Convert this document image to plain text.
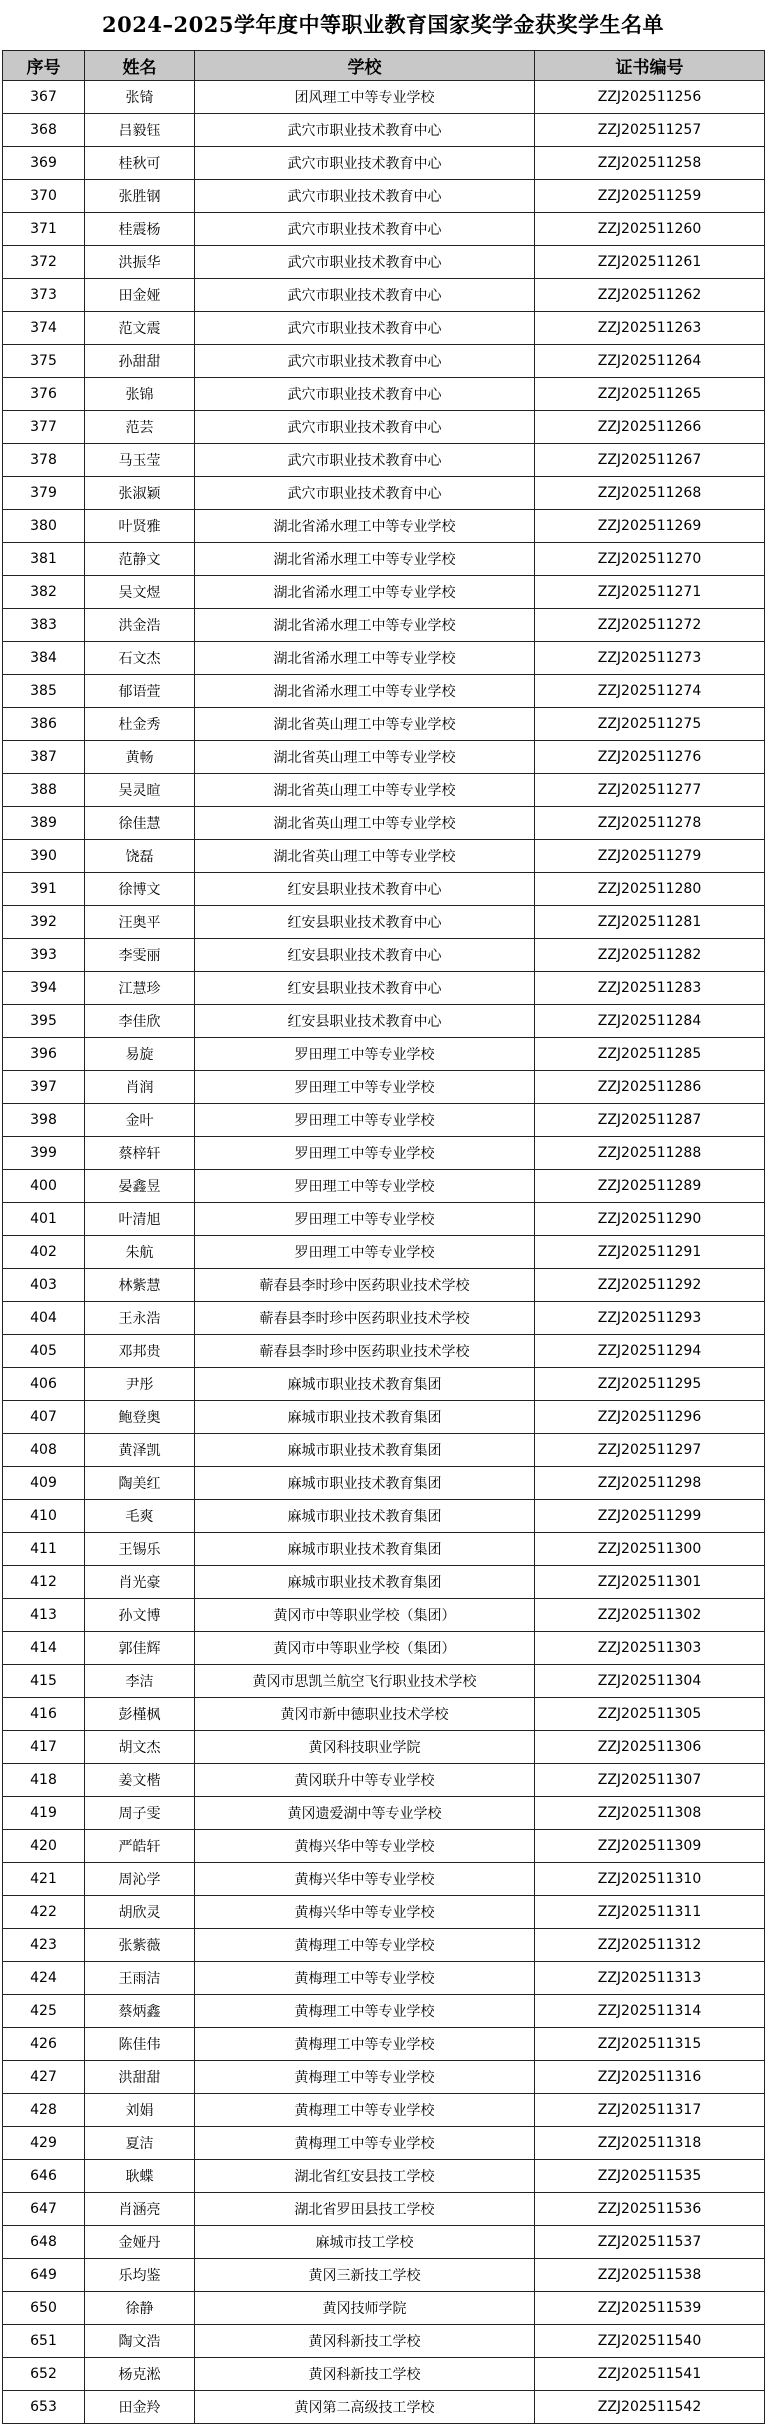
2024–2025学年度中等职业教育国家奖学金获奖学生名单
序号	姓名	学校	证书编号
367	张锜	团风理工中等专业学校	ZZJ202511256
368	吕毅钰	武穴市职业技术教育中心	ZZJ202511257
369	桂秋可	武穴市职业技术教育中心	ZZJ202511258
370	张胜钢	武穴市职业技术教育中心	ZZJ202511259
371	桂震杨	武穴市职业技术教育中心	ZZJ202511260
372	洪振华	武穴市职业技术教育中心	ZZJ202511261
373	田金娅	武穴市职业技术教育中心	ZZJ202511262
374	范文震	武穴市职业技术教育中心	ZZJ202511263
375	孙甜甜	武穴市职业技术教育中心	ZZJ202511264
376	张锦	武穴市职业技术教育中心	ZZJ202511265
377	范芸	武穴市职业技术教育中心	ZZJ202511266
378	马玉莹	武穴市职业技术教育中心	ZZJ202511267
379	张淑颖	武穴市职业技术教育中心	ZZJ202511268
380	叶贤雅	湖北省浠水理工中等专业学校	ZZJ202511269
381	范静文	湖北省浠水理工中等专业学校	ZZJ202511270
382	吴文煜	湖北省浠水理工中等专业学校	ZZJ202511271
383	洪金浩	湖北省浠水理工中等专业学校	ZZJ202511272
384	石文杰	湖北省浠水理工中等专业学校	ZZJ202511273
385	郁语萱	湖北省浠水理工中等专业学校	ZZJ202511274
386	杜金秀	湖北省英山理工中等专业学校	ZZJ202511275
387	黄畅	湖北省英山理工中等专业学校	ZZJ202511276
388	吴灵暄	湖北省英山理工中等专业学校	ZZJ202511277
389	徐佳慧	湖北省英山理工中等专业学校	ZZJ202511278
390	饶磊	湖北省英山理工中等专业学校	ZZJ202511279
391	徐博文	红安县职业技术教育中心	ZZJ202511280
392	汪奥平	红安县职业技术教育中心	ZZJ202511281
393	李雯丽	红安县职业技术教育中心	ZZJ202511282
394	江慧珍	红安县职业技术教育中心	ZZJ202511283
395	李佳欣	红安县职业技术教育中心	ZZJ202511284
396	易旋	罗田理工中等专业学校	ZZJ202511285
397	肖润	罗田理工中等专业学校	ZZJ202511286
398	金叶	罗田理工中等专业学校	ZZJ202511287
399	蔡梓轩	罗田理工中等专业学校	ZZJ202511288
400	晏鑫昱	罗田理工中等专业学校	ZZJ202511289
401	叶清旭	罗田理工中等专业学校	ZZJ202511290
402	朱航	罗田理工中等专业学校	ZZJ202511291
403	林紫慧	蕲春县李时珍中医药职业技术学校	ZZJ202511292
404	王永浩	蕲春县李时珍中医药职业技术学校	ZZJ202511293
405	邓邦贵	蕲春县李时珍中医药职业技术学校	ZZJ202511294
406	尹彤	麻城市职业技术教育集团	ZZJ202511295
407	鲍登奥	麻城市职业技术教育集团	ZZJ202511296
408	黄泽凯	麻城市职业技术教育集团	ZZJ202511297
409	陶美红	麻城市职业技术教育集团	ZZJ202511298
410	毛爽	麻城市职业技术教育集团	ZZJ202511299
411	王锡乐	麻城市职业技术教育集团	ZZJ202511300
412	肖光豪	麻城市职业技术教育集团	ZZJ202511301
413	孙文博	黄冈市中等职业学校（集团）	ZZJ202511302
414	郭佳辉	黄冈市中等职业学校（集团）	ZZJ202511303
415	李洁	黄冈市思凯兰航空飞行职业技术学校	ZZJ202511304
416	彭槿枫	黄冈市新中德职业技术学校	ZZJ202511305
417	胡文杰	黄冈科技职业学院	ZZJ202511306
418	姜文楷	黄冈联升中等专业学校	ZZJ202511307
419	周子雯	黄冈遗爱湖中等专业学校	ZZJ202511308
420	严皓轩	黄梅兴华中等专业学校	ZZJ202511309
421	周沁学	黄梅兴华中等专业学校	ZZJ202511310
422	胡欣灵	黄梅兴华中等专业学校	ZZJ202511311
423	张紫薇	黄梅理工中等专业学校	ZZJ202511312
424	王雨洁	黄梅理工中等专业学校	ZZJ202511313
425	蔡炳鑫	黄梅理工中等专业学校	ZZJ202511314
426	陈佳伟	黄梅理工中等专业学校	ZZJ202511315
427	洪甜甜	黄梅理工中等专业学校	ZZJ202511316
428	刘娟	黄梅理工中等专业学校	ZZJ202511317
429	夏洁	黄梅理工中等专业学校	ZZJ202511318
646	耿蝶	湖北省红安县技工学校	ZZJ202511535
647	肖涵亮	湖北省罗田县技工学校	ZZJ202511536
648	金娅丹	麻城市技工学校	ZZJ202511537
649	乐均鉴	黄冈三新技工学校	ZZJ202511538
650	徐静	黄冈技师学院	ZZJ202511539
651	陶文浩	黄冈科新技工学校	ZZJ202511540
652	杨克淞	黄冈科新技工学校	ZZJ202511541
653	田金羚	黄冈第二高级技工学校	ZZJ202511542
